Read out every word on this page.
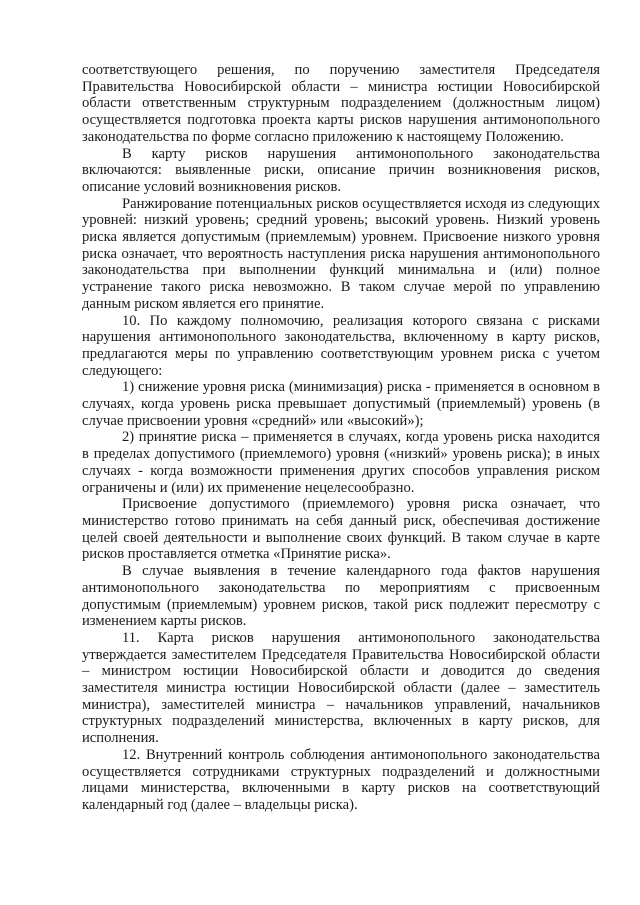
соответствующего решения, по поручению заместителя Председателя Правительства Новосибирской области – министра юстиции Новосибирской области ответственным структурным подразделением (должностным лицом) осуществляется подготовка проекта карты рисков нарушения антимонопольного законодательства по форме согласно приложению к настоящему Положению.

В карту рисков нарушения антимонопольного законодательства включаются: выявленные риски, описание причин возникновения рисков, описание условий возникновения рисков.

Ранжирование потенциальных рисков осуществляется исходя из следующих уровней: низкий уровень; средний уровень; высокий уровень. Низкий уровень риска является допустимым (приемлемым) уровнем. Присвоение низкого уровня риска означает, что вероятность наступления риска нарушения антимонопольного законодательства при выполнении функций минимальна и (или) полное устранение такого риска невозможно. В таком случае мерой по управлению данным риском является его принятие.

10. По каждому полномочию, реализация которого связана с рисками нарушения антимонопольного законодательства, включенному в карту рисков, предлагаются меры по управлению соответствующим уровнем риска с учетом следующего:

1) снижение уровня риска (минимизация) риска - применяется в основном в случаях, когда уровень риска превышает допустимый (приемлемый) уровень (в случае присвоении уровня «средний» или «высокий»);

2) принятие риска – применяется в случаях, когда уровень риска находится в пределах допустимого (приемлемого) уровня («низкий» уровень риска); в иных случаях - когда возможности применения других способов управления риском ограничены и (или) их применение нецелесообразно.

Присвоение допустимого (приемлемого) уровня риска означает, что министерство готово принимать на себя данный риск, обеспечивая достижение целей своей деятельности и выполнение своих функций. В таком случае в карте рисков проставляется отметка «Принятие риска».

В случае выявления в течение календарного года фактов нарушения антимонопольного законодательства по мероприятиям с присвоенным допустимым (приемлемым) уровнем рисков, такой риск подлежит пересмотру с изменением карты рисков.

11. Карта рисков нарушения антимонопольного законодательства утверждается заместителем Председателя Правительства Новосибирской области – министром юстиции Новосибирской области и доводится до сведения заместителя министра юстиции Новосибирской области (далее – заместитель министра), заместителей министра – начальников управлений, начальников структурных подразделений министерства, включенных в карту рисков, для исполнения.

12. Внутренний контроль соблюдения антимонопольного законодательства осуществляется сотрудниками структурных подразделений и должностными лицами министерства, включенными в карту рисков на соответствующий календарный год (далее – владельцы риска).
